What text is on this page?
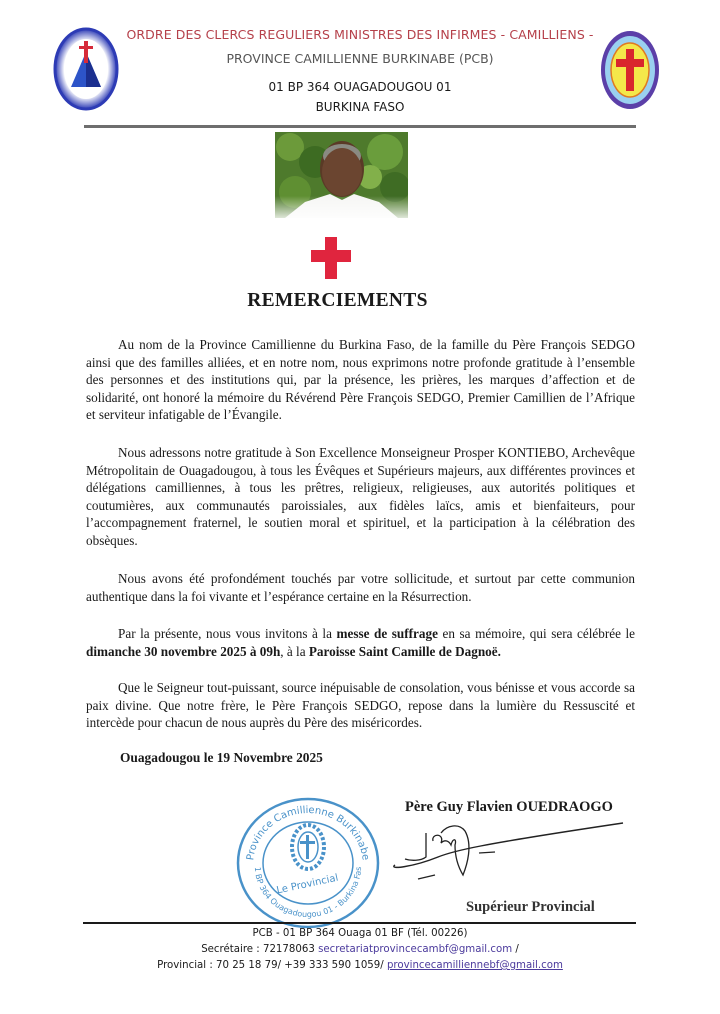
ORDRE DES CLERCS REGULIERS MINISTRES DES INFIRMES - CAMILLIENS -
PROVINCE CAMILLIENNE BURKINABE (PCB)
01 BP 364 OUAGADOUGOU 01
BURKINA FASO
REMERCIEMENTS
Au nom de la Province Camillienne du Burkina Faso, de la famille du Père François SEDGO ainsi que des familles alliées, et en notre nom, nous exprimons notre profonde gratitude à l’ensemble des personnes et des institutions qui, par la présence, les prières, les marques d’affection et de solidarité, ont honoré la mémoire du Révérend Père François SEDGO, Premier Camillien de l’Afrique et serviteur infatigable de l’Évangile.
Nous adressons notre gratitude à Son Excellence Monseigneur Prosper KONTIEBO, Archevêque Métropolitain de Ouagadougou, à tous les Évêques et Supérieurs majeurs, aux différentes provinces et délégations camilliennes, à tous les prêtres, religieux, religieuses, aux autorités politiques et coutumières, aux communautés paroissiales, aux fidèles laïcs, amis et bienfaiteurs, pour l’accompagnement fraternel, le soutien moral et spirituel, et la participation à la célébration des obsèques.
Nous avons été profondément touchés par votre sollicitude, et surtout par cette communion authentique dans la foi vivante et l’espérance certaine en la Résurrection.
Par la présente, nous vous invitons à la messe de suffrage en sa mémoire, qui sera célébrée le dimanche 30 novembre 2025 à 09h, à la Paroisse Saint Camille de Dagnoë.
Que le Seigneur tout-puissant, source inépuisable de consolation, vous bénisse et vous accorde sa paix divine. Que notre frère, le Père François SEDGO, repose dans la lumière du Ressuscité et intercède pour chacun de nous auprès du Père des miséricordes.
Ouagadougou le 19 Novembre 2025
Province Camillienne Burkinabe
1 BP 364 Ouagadougou 01 - Burkina Fas
Le Provincial
Père Guy Flavien OUEDRAOGO
Supérieur Provincial
PCB - 01 BP 364 Ouaga 01 BF (Tél. 00226)
Secrétaire : 72178063 secretariatprovincecambf@gmail.com /
Provincial : 70 25 18 79/ +39 333 590 1059/ provincecamilliennebf@gmail.com
